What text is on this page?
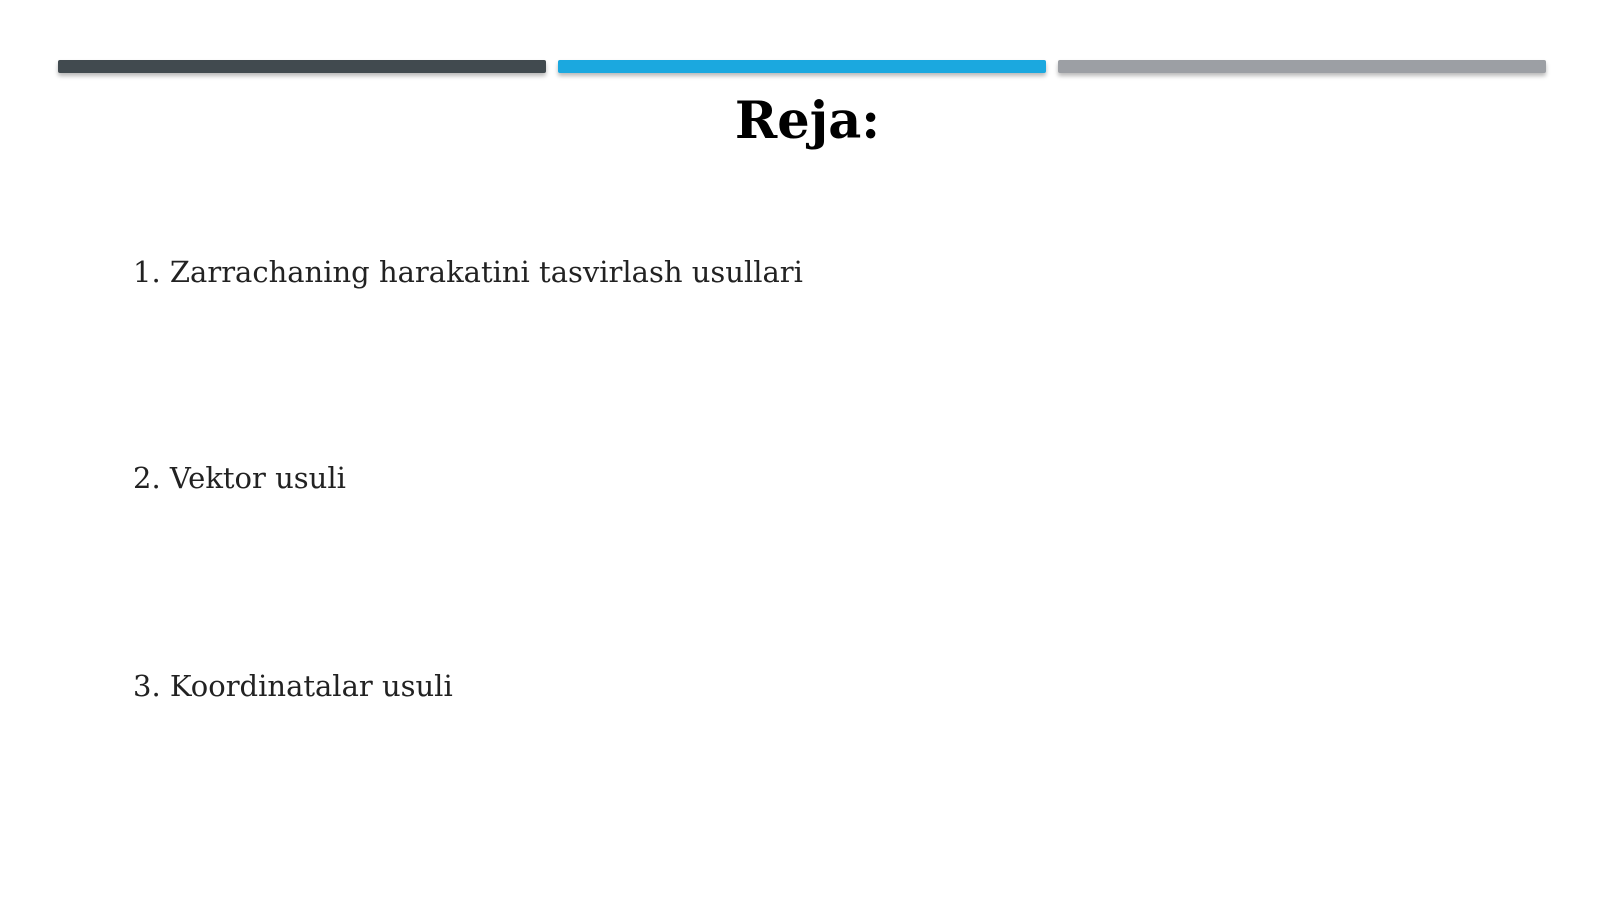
Reja:
1. Zarrachaning harakatini tasvirlash usullari
2. Vektor usuli
3. Koordinatalar usuli
